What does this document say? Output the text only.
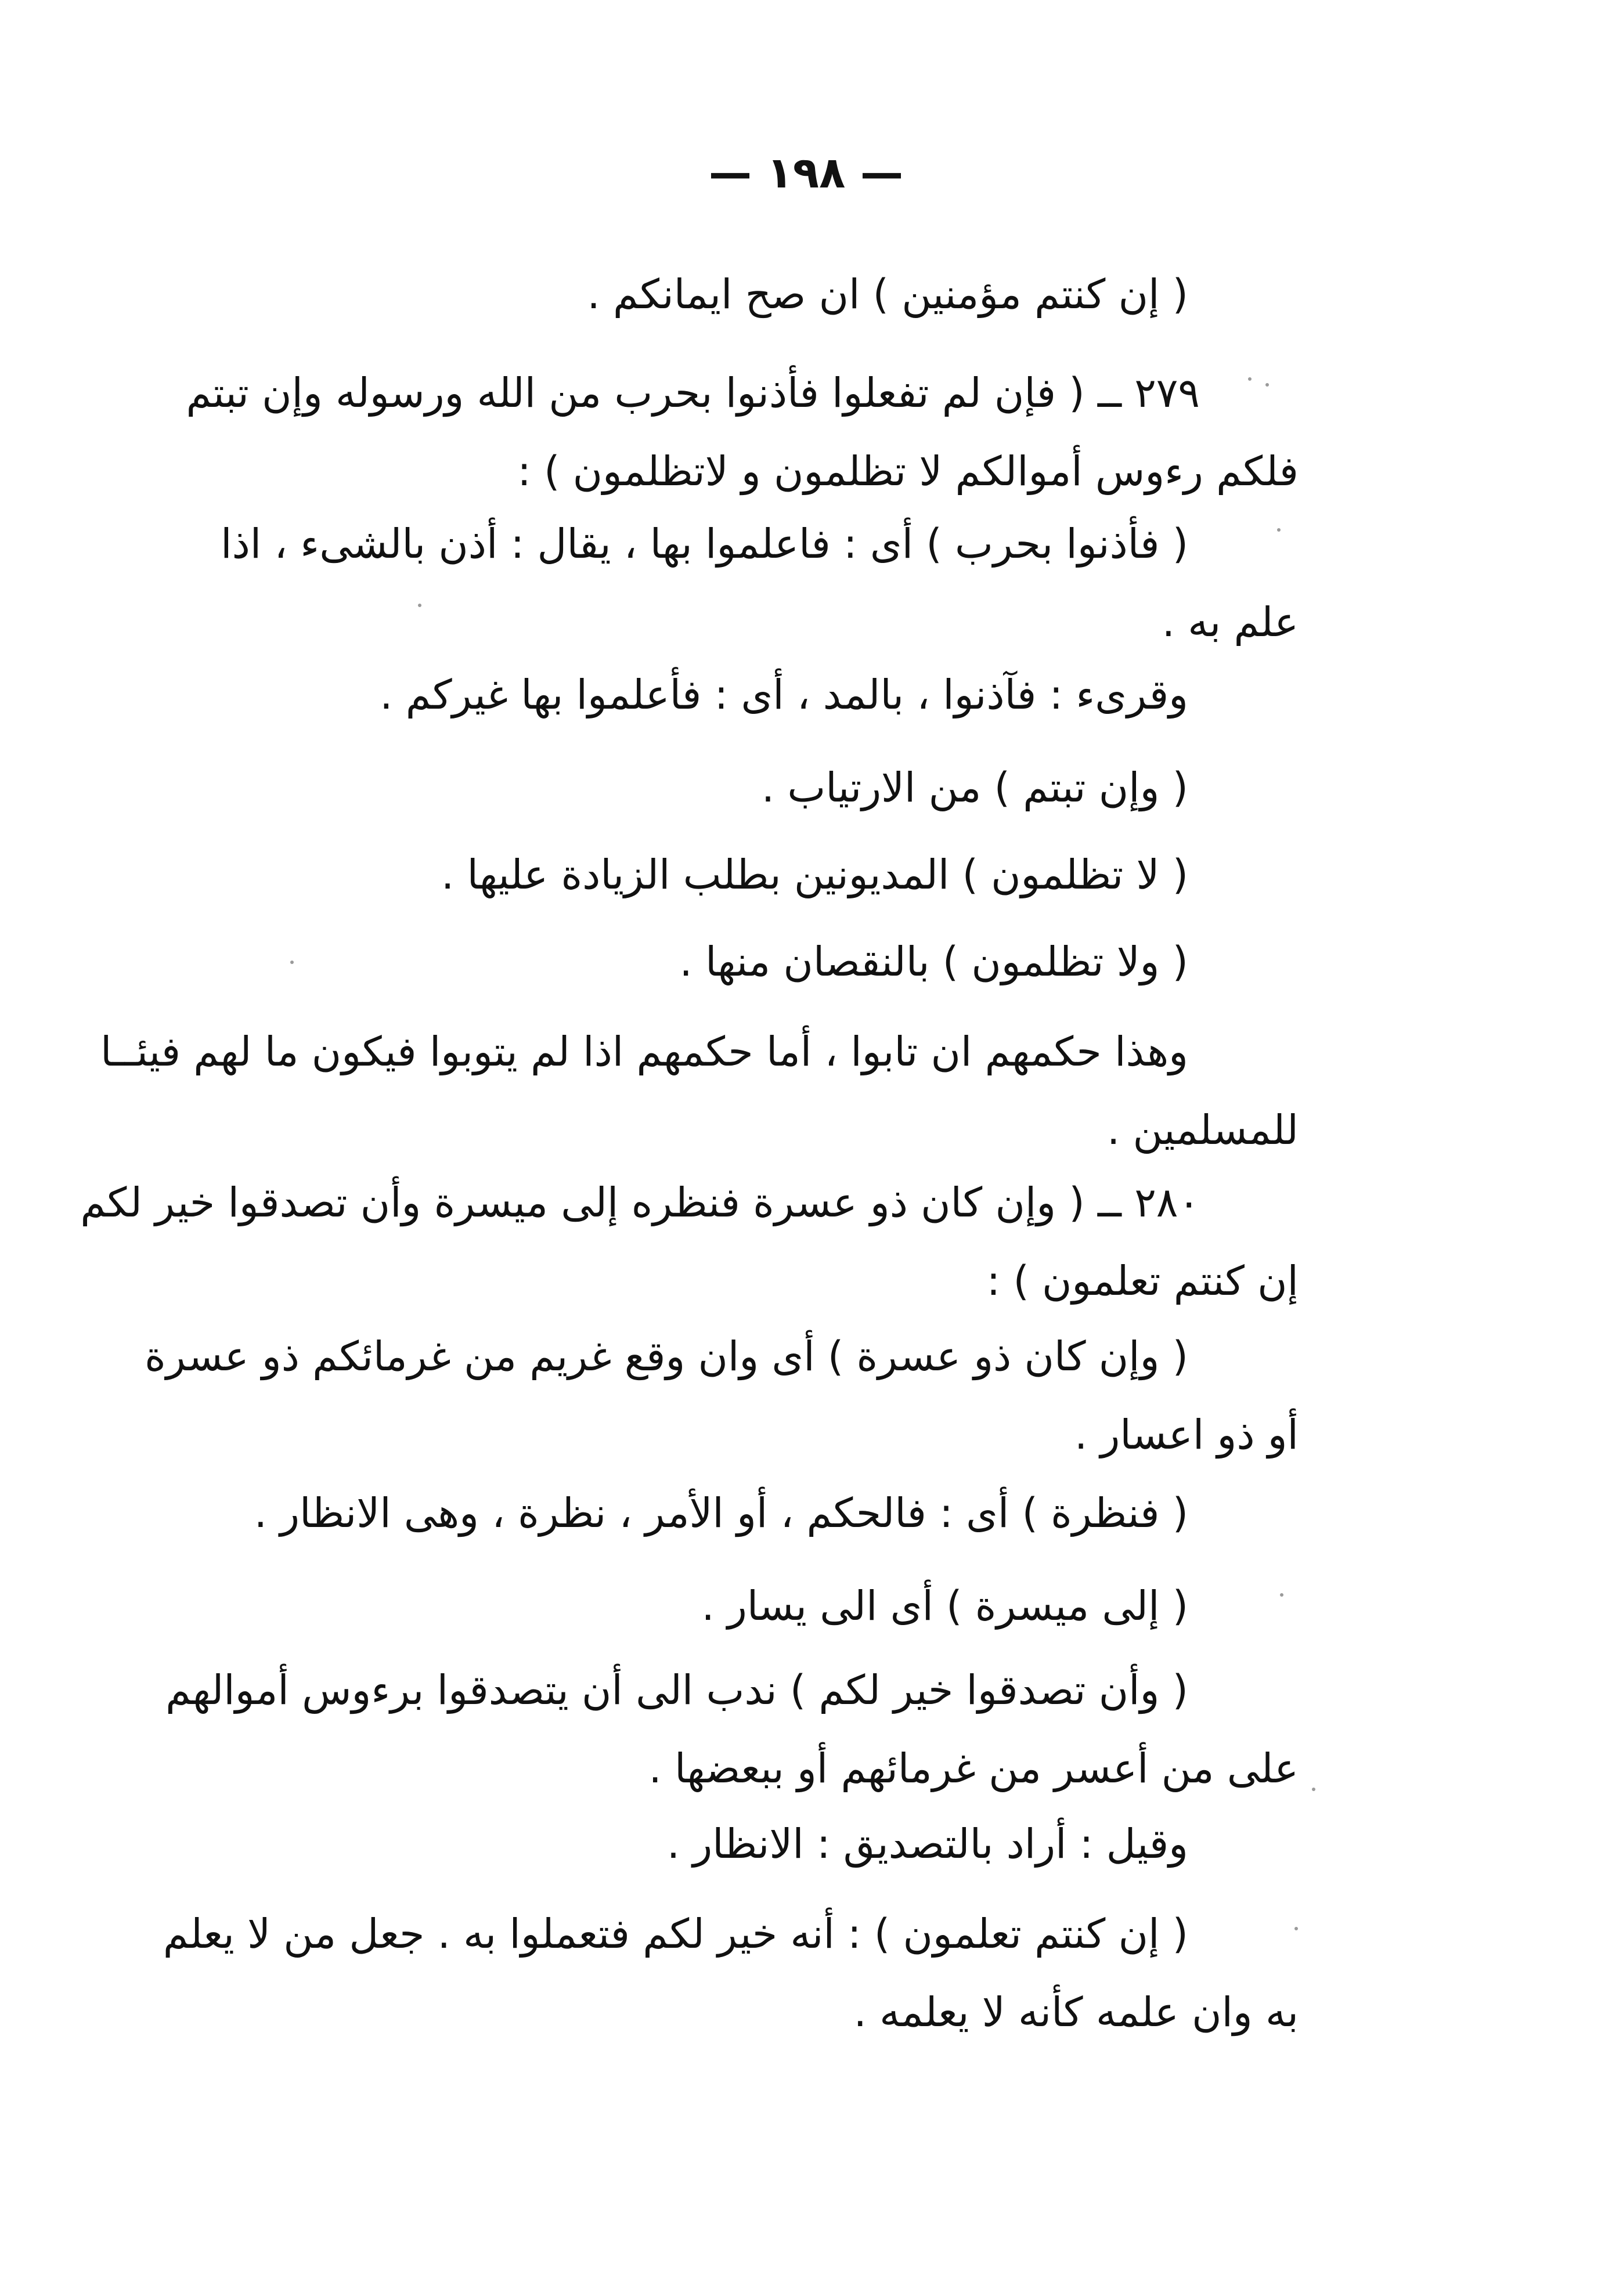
— ١٩٨ —
( إن كنتم مؤمنين ) ان صح ايمانكم .
٢٧٩ ــ ( فإن لم تفعلوا فأذنوا بحرب من الله ورسوله وإن تبتم
فلكم رءوس أموالكم لا تظلمون و لاتظلمون ) :
( فأذنوا بحرب ) أى : فاعلموا بها ، يقال : أذن بالشىء ، اذا
علم به .
وقرىء : فآذنوا ، بالمد ، أى : فأعلموا بها غيركم .
( وإن تبتم ) من الارتياب .
( لا تظلمون ) المديونين بطلب الزيادة عليها .
( ولا تظلمون ) بالنقصان منها .
وهذا حكمهم ان تابوا ، أما حكمهم اذا لم يتوبوا فيكون ما لهم فيئــا
للمسلمين .
٢٨٠ ــ ( وإن كان ذو عسرة فنظره إلى ميسرة وأن تصدقوا خير لكم
إن كنتم تعلمون ) :
( وإن كان ذو عسرة ) أى وان وقع غريم من غرمائكم ذو عسرة
أو ذو اعسار .
( فنظرة ) أى : فالحكم ، أو الأمر ، نظرة ، وهى الانظار .
( إلى ميسرة ) أى الى يسار .
( وأن تصدقوا خير لكم ) ندب الى أن يتصدقوا برءوس أموالهم
على من أعسر من غرمائهم أو ببعضها .
وقيل : أراد بالتصديق : الانظار .
( إن كنتم تعلمون ) : أنه خير لكم فتعملوا به . جعل من لا يعلم
به وان علمه كأنه لا يعلمه .
